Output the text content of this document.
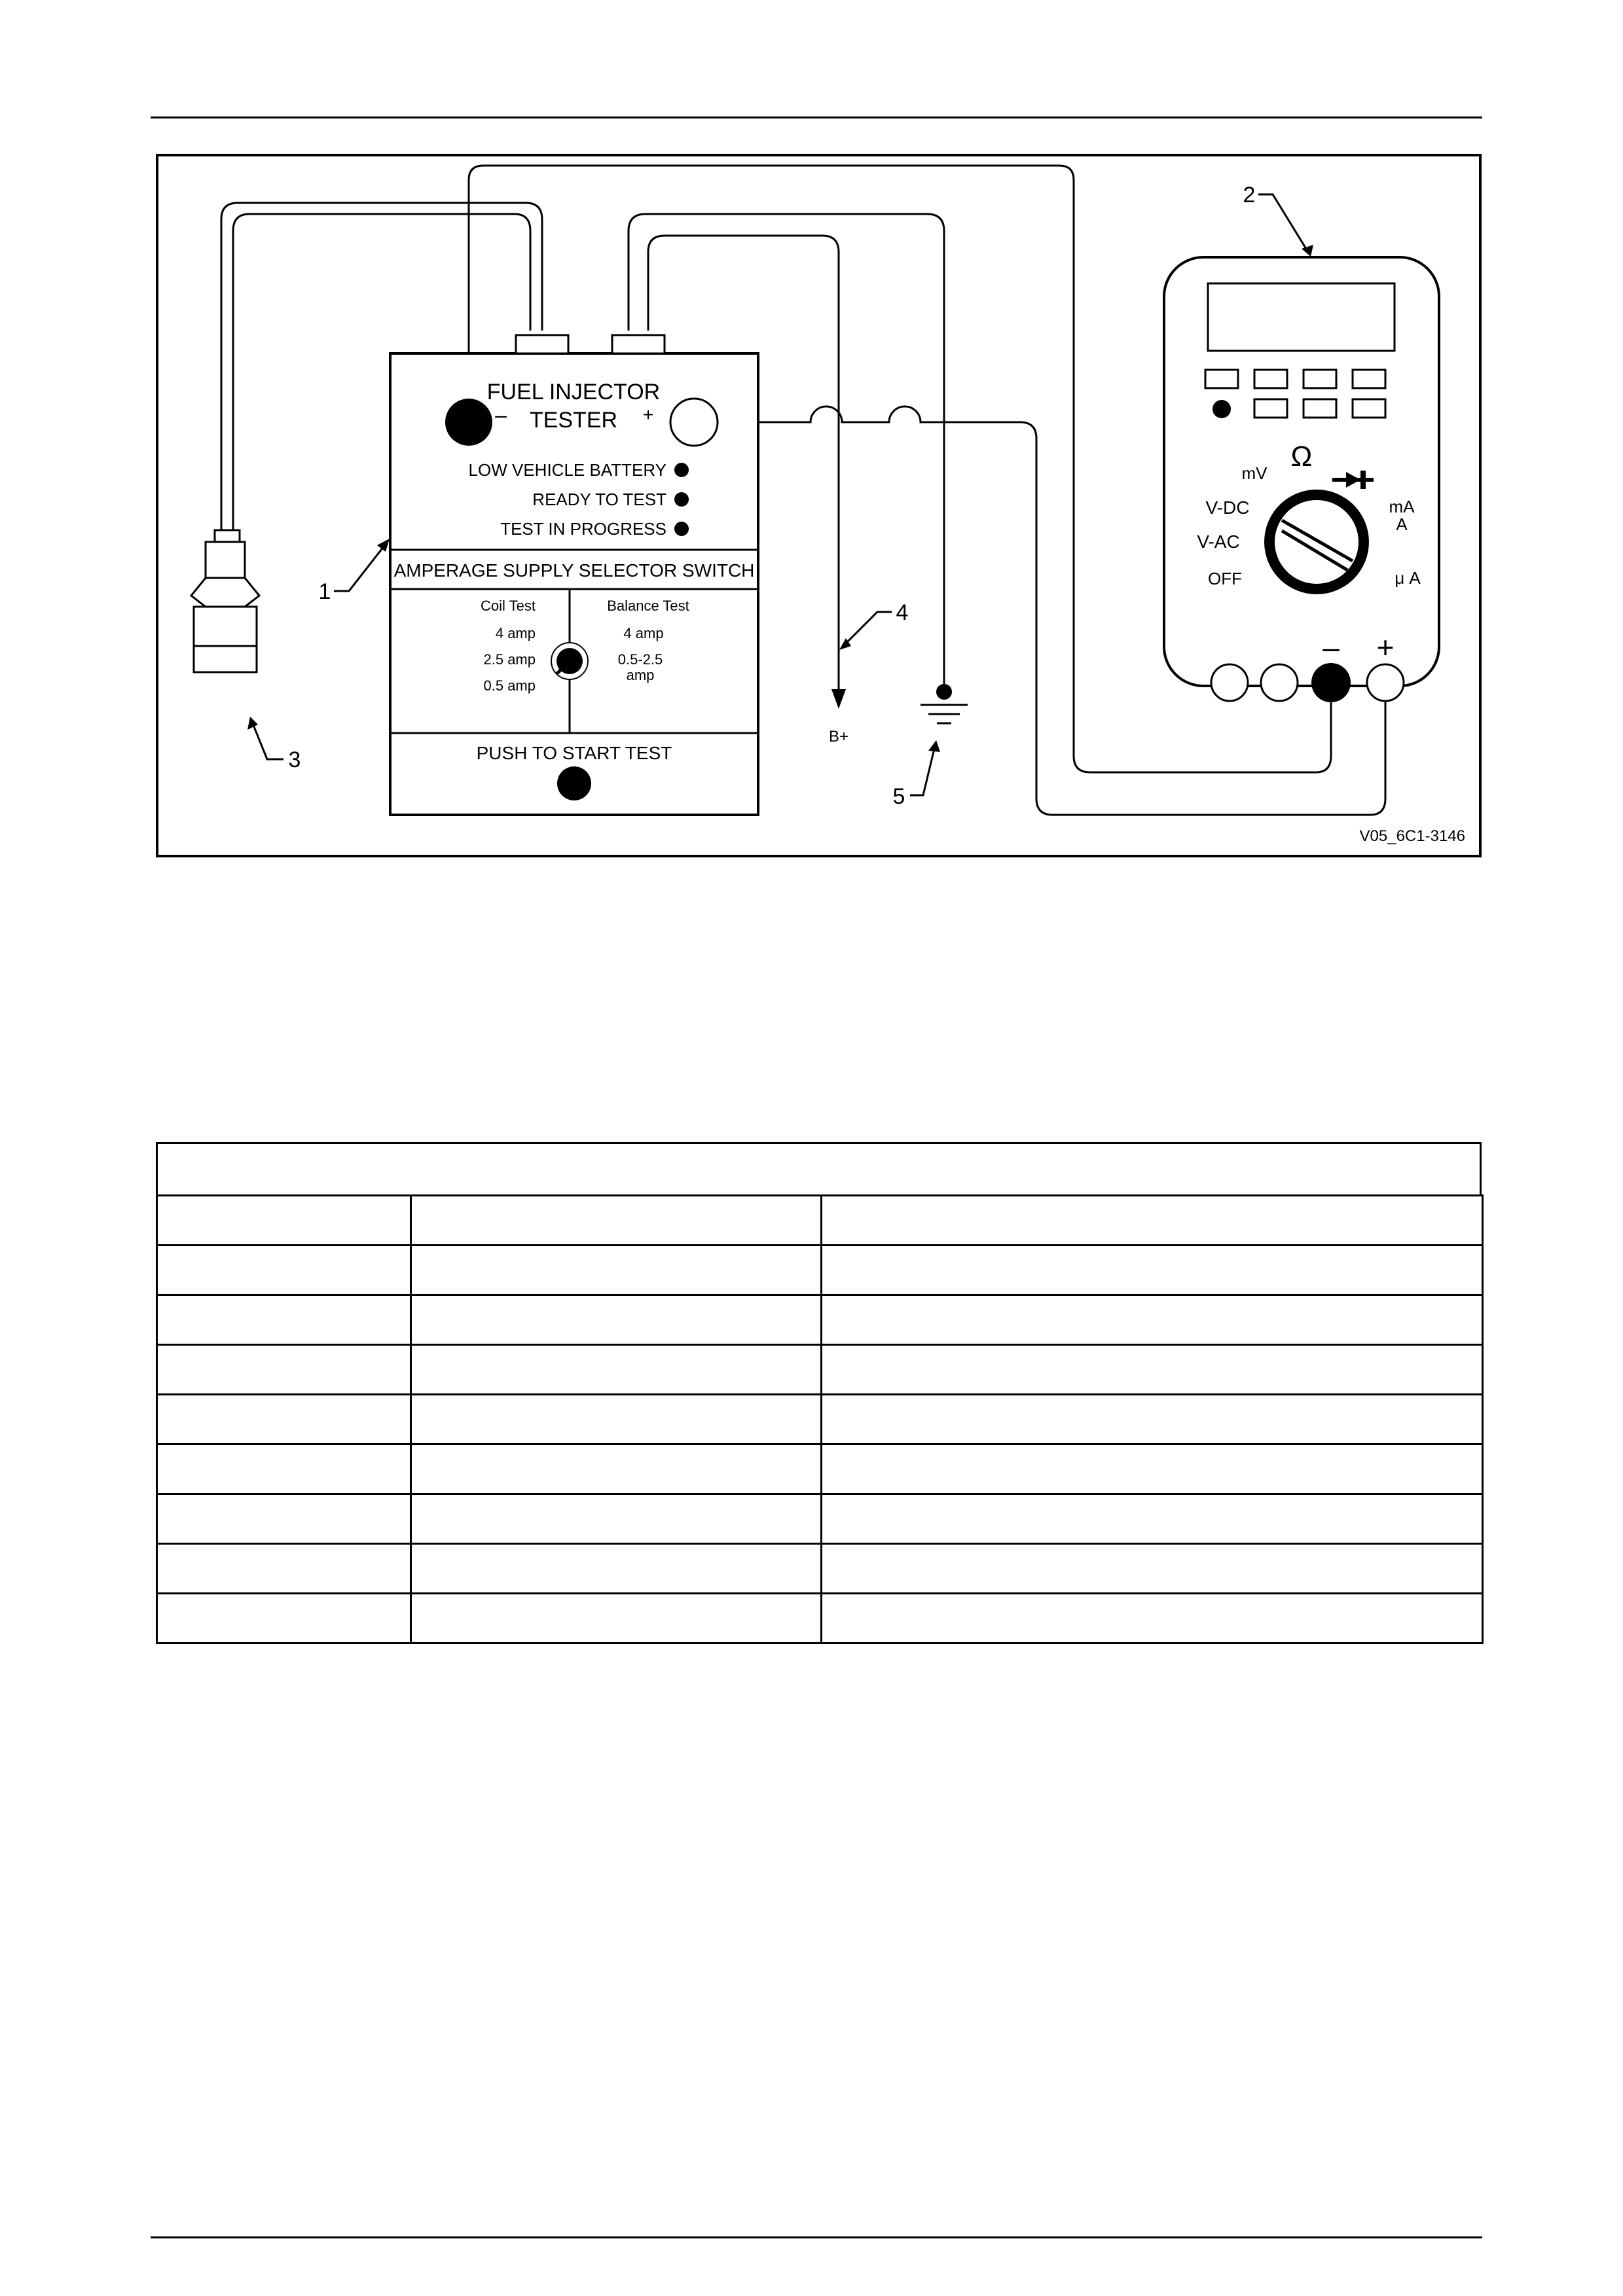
FUEL INJECTOR
TESTER
–	+
LOW VEHICLE BATTERY
READY TO TEST
TEST IN PROGRESS
AMPERAGE SUPPLY SELECTOR SWITCH
Coil Test	Balance Test
4 amp
2.5 amp
0.5 amp
4 amp
0.5-2.5
amp
PUSH TO START TEST
mV
Ω
V-DC
V-AC
OFF
mA
A
μ A
– +
B+
1
2
3
4
5
V05_6C1-3146
